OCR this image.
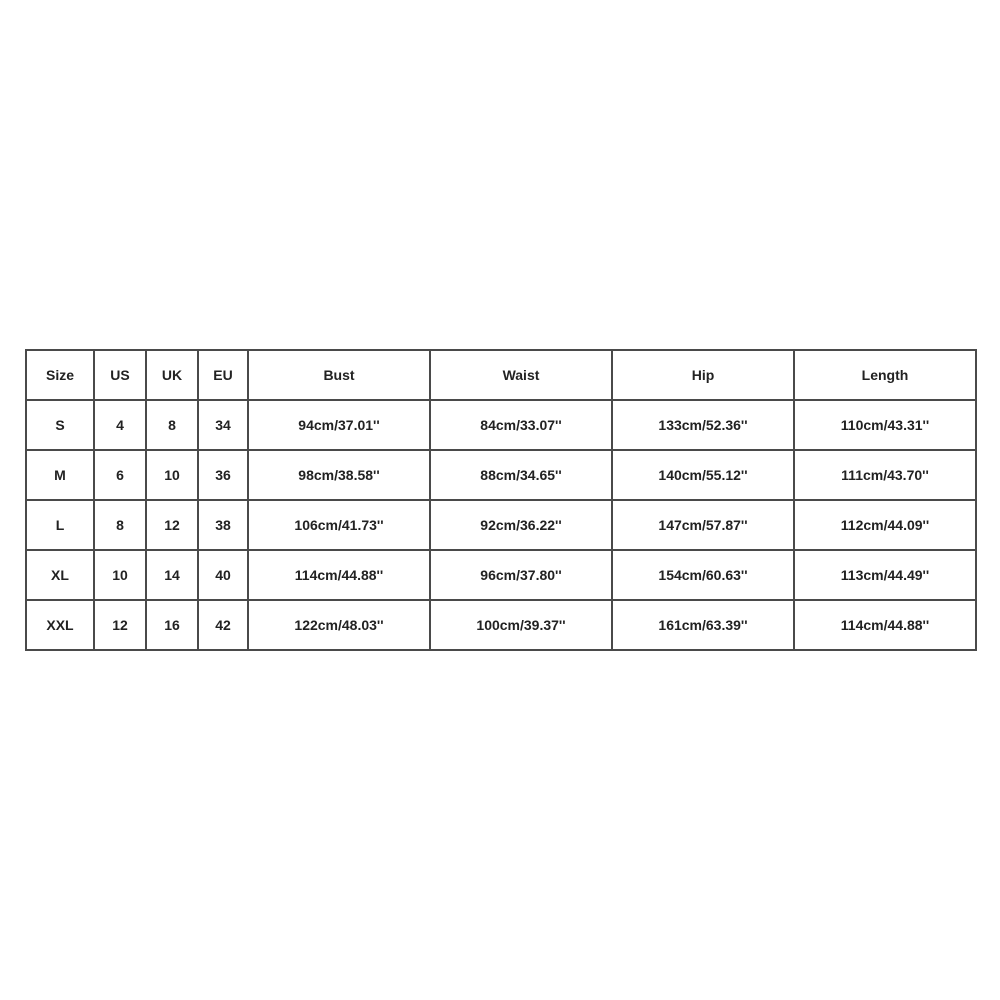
Size	US	UK	EU	Bust	Waist	Hip	Length
S	4	8	34	94cm/37.01''	84cm/33.07''	133cm/52.36''	110cm/43.31''
M	6	10	36	98cm/38.58''	88cm/34.65''	140cm/55.12''	111cm/43.70''
L	8	12	38	106cm/41.73''	92cm/36.22''	147cm/57.87''	112cm/44.09''
XL	10	14	40	114cm/44.88''	96cm/37.80''	154cm/60.63''	113cm/44.49''
XXL	12	16	42	122cm/48.03''	100cm/39.37''	161cm/63.39''	114cm/44.88''
